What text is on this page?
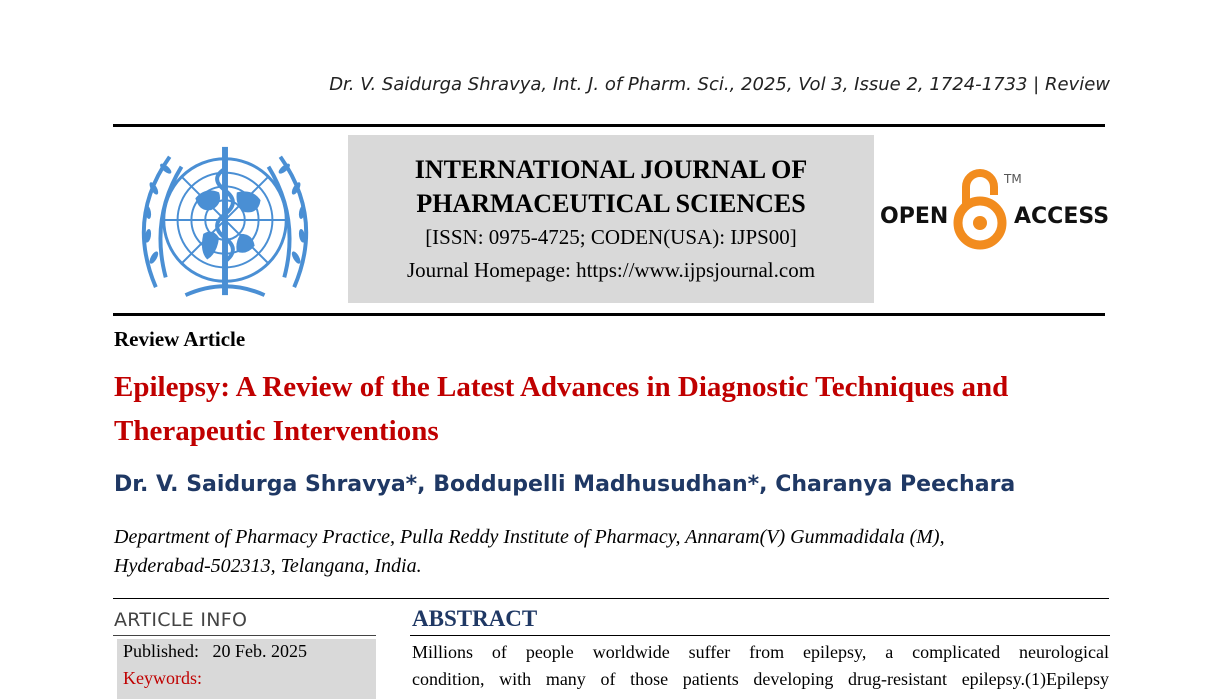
Dr. V. Saidurga Shravya, Int. J. of Pharm. Sci., 2025, Vol 3, Issue 2, 1724-1733 | Review
INTERNATIONAL JOURNAL OF
PHARMACEUTICAL SCIENCES
[ISSN: 0975-4725; CODEN(USA): IJPS00]
Journal Homepage: https://www.ijpsjournal.com
OPEN
TM
ACCESS
Review Article
Epilepsy: A Review of the Latest Advances in Diagnostic Techniques and
Therapeutic Interventions
Dr. V. Saidurga Shravya*, Boddupelli Madhusudhan*, Charanya Peechara
Department of Pharmacy Practice, Pulla Reddy Institute of Pharmacy, Annaram(V) Gummadidala (M),
Hyderabad-502313, Telangana, India.
ARTICLE INFO
Published: 20 Feb. 2025
Keywords:
ABSTRACT
Millions of people worldwide suffer from epilepsy, a complicated neurological
condition, with many of those patients developing drug-resistant epilepsy.(1)Epilepsy
